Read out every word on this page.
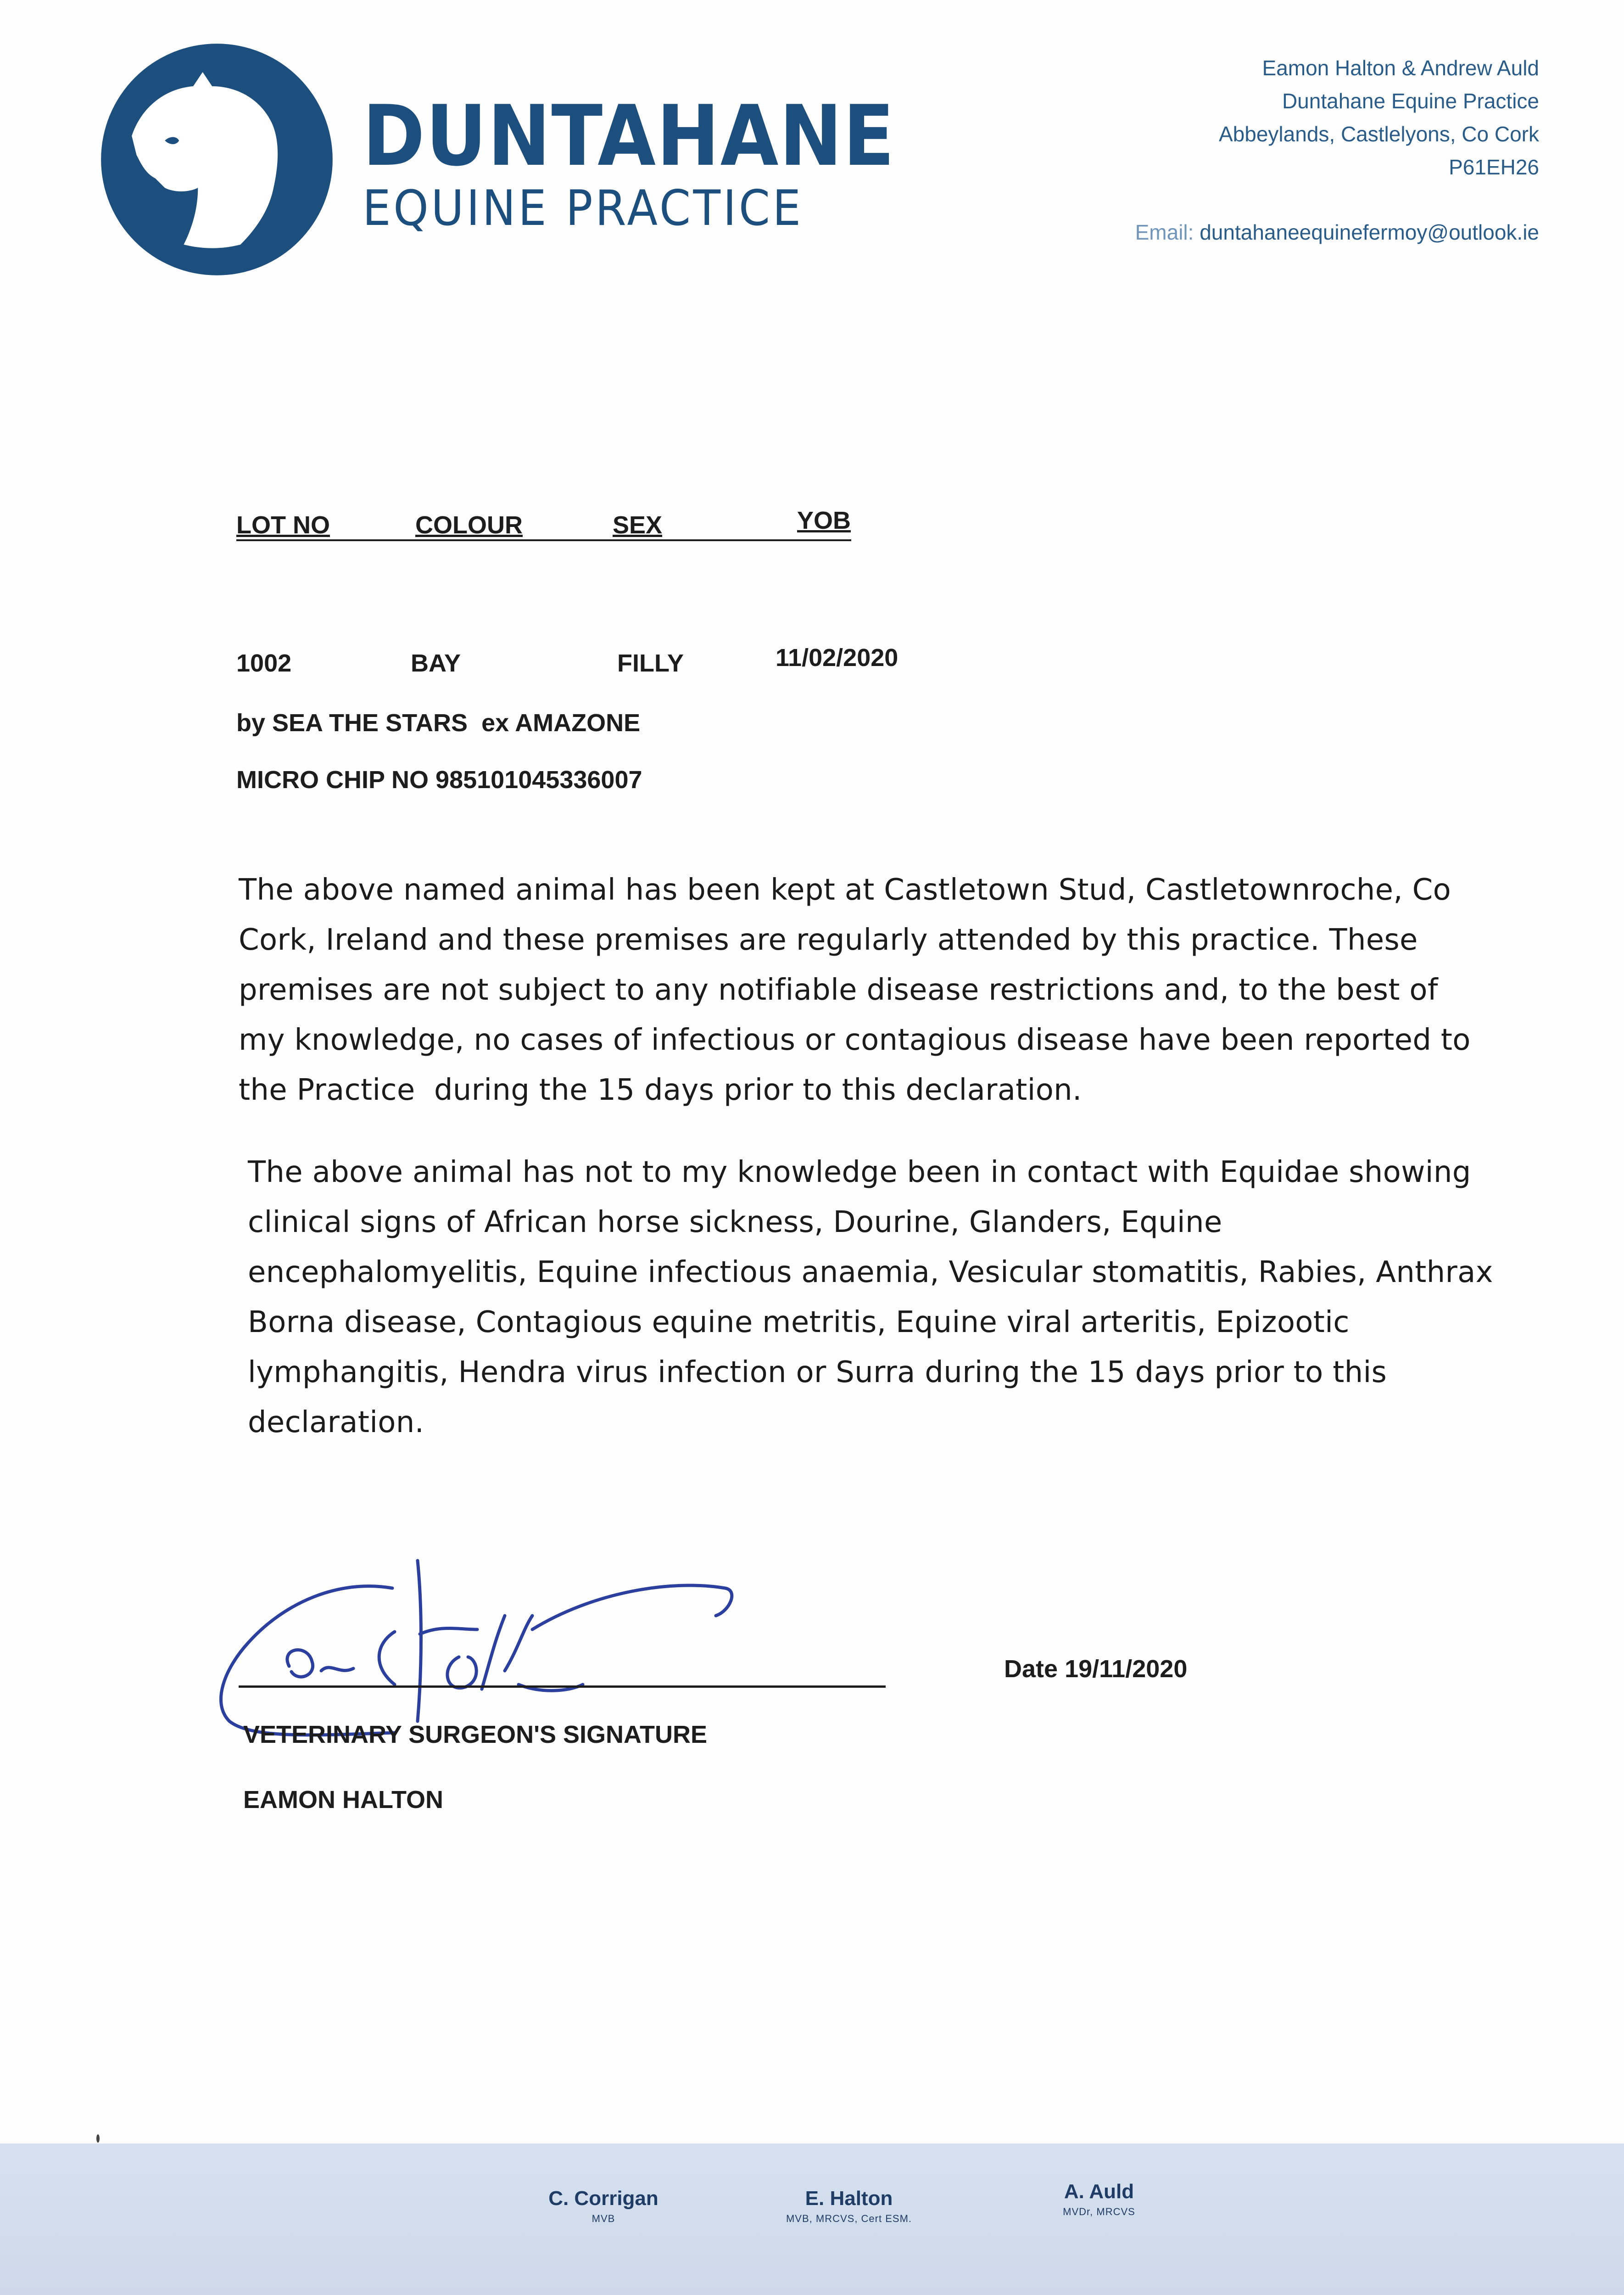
DUNTAHANE
EQUINE PRACTICE
Eamon Halton & Andrew Auld
Duntahane Equine Practice
Abbeylands, Castlelyons, Co Cork
P61EH26
Email: duntahaneequinefermoy@outlook.ie
LOT NO	COLOUR	SEX	YOB
1002	BAY	FILLY	11/02/2020
by SEA THE STARS  ex AMAZONE
MICRO CHIP NO 985101045336007
The above named animal has been kept at Castletown Stud, Castletownroche, Co Cork, Ireland and these premises are regularly attended by this practice. These premises are not subject to any notifiable disease restrictions and, to the best of my knowledge, no cases of infectious or contagious disease have been reported to the Practice  during the 15 days prior to this declaration.
The above animal has not to my knowledge been in contact with Equidae showing clinical signs of African horse sickness, Dourine, Glanders, Equine encephalomyelitis, Equine infectious anaemia, Vesicular stomatitis, Rabies, Anthrax Borna disease, Contagious equine metritis, Equine viral arteritis, Epizootic lymphangitis, Hendra virus infection or Surra during the 15 days prior to this declaration.
VETERINARY SURGEON'S SIGNATURE
EAMON HALTON
Date 19/11/2020
C. Corrigan
MVB
E. Halton
MVB, MRCVS, Cert ESM.
A. Auld
MVDr, MRCVS
